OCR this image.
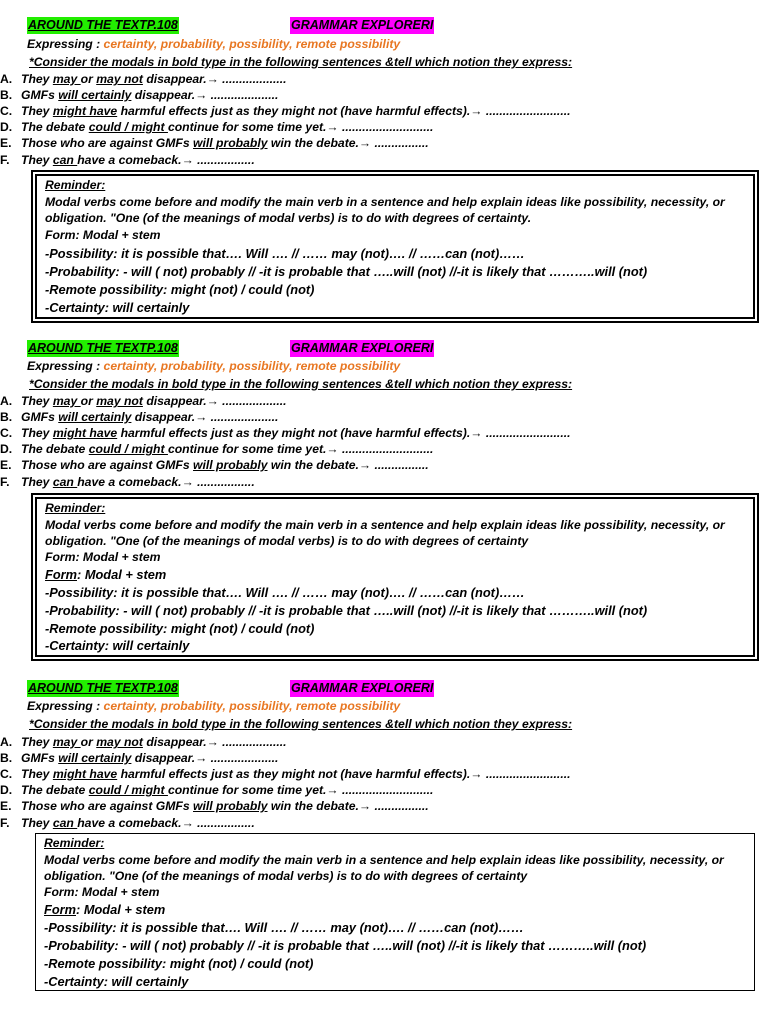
AROUND THE TEXTP.108	GRAMMAR EXPLORERI
Expressing : certainty, probability, possibility, remote possibility
*Consider the modals in bold type in the following sentences &tell which notion they express:
A. They may or may not disappear.→ ...................
B. GMFs will certainly disappear.→ ....................
C. They might have harmful effects just as they might not (have harmful effects).→ .........................
D. The debate could / might continue for some time yet.→ ...........................
E. Those who are against GMFs will probably win the debate.→ ................
F. They can have a comeback.→ .................
Reminder:
Modal verbs come before and modify the main verb in a sentence and help explain ideas like possibility, necessity, or
obligation. "One (of the meanings of modal verbs) is to do with degrees of certainty.
Form: Modal + stem
-Possibility: it is possible that…. Will …. // …… may (not)…. // ……can (not)……
-Probability: - will ( not) probably // -it is probable that …..will (not) //-it is likely that ………..will (not)
-Remote possibility: might (not) / could (not)
-Certainty: will certainly
AROUND THE TEXTP.108	GRAMMAR EXPLORERI
Expressing : certainty, probability, possibility, remote possibility
*Consider the modals in bold type in the following sentences &tell which notion they express:
A. They may or may not disappear.→ ...................
B. GMFs will certainly disappear.→ ....................
C. They might have harmful effects just as they might not (have harmful effects).→ .........................
D. The debate could / might continue for some time yet.→ ...........................
E. Those who are against GMFs will probably win the debate.→ ................
F. They can have a comeback.→ .................
Reminder:
Modal verbs come before and modify the main verb in a sentence and help explain ideas like possibility, necessity, or
obligation. "One (of the meanings of modal verbs) is to do with degrees of certainty
Form: Modal + stem
Form: Modal + stem
-Possibility: it is possible that…. Will …. // …… may (not)…. // ……can (not)……
-Probability: - will ( not) probably // -it is probable that …..will (not) //-it is likely that ………..will (not)
-Remote possibility: might (not) / could (not)
-Certainty: will certainly
AROUND THE TEXTP.108	GRAMMAR EXPLORERI
Expressing : certainty, probability, possibility, remote possibility
*Consider the modals in bold type in the following sentences &tell which notion they express:
A. They may or may not disappear.→ ...................
B. GMFs will certainly disappear.→ ....................
C. They might have harmful effects just as they might not (have harmful effects).→ .........................
D. The debate could / might continue for some time yet.→ ...........................
E. Those who are against GMFs will probably win the debate.→ ................
F. They can have a comeback.→ .................
Reminder:
Modal verbs come before and modify the main verb in a sentence and help explain ideas like possibility, necessity, or
obligation. "One (of the meanings of modal verbs) is to do with degrees of certainty
Form: Modal + stem
Form: Modal + stem
-Possibility: it is possible that…. Will …. // …… may (not)…. // ……can (not)……
-Probability: - will ( not) probably // -it is probable that …..will (not) //-it is likely that ………..will (not)
-Remote possibility: might (not) / could (not)
-Certainty: will certainly
